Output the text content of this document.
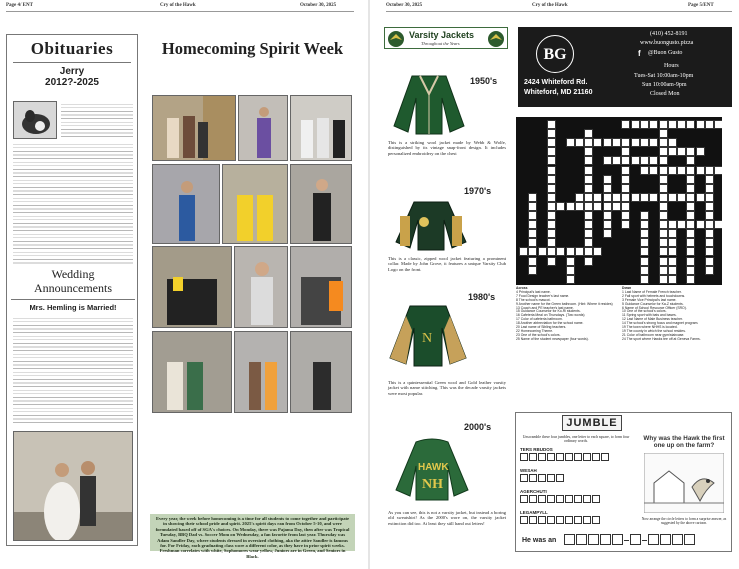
Page 4/ ENT	Cry of the Hawk	October 30, 2025
Obituaries
Jerry
2012?-2025
Wedding Announcements
Mrs. Hemling is Married!
Homecoming Spirit Week
Every year, the week before homecoming is a time for all students to come together and participate in showing their school pride and spirit. 2025's spirit days ran from October 5-10, and were formulated based off of SGA's choices. On Monday, there was Pajama Day, then after was Tropical Tuesday, BBQ Dad vs. Soccer Mom on Wednesday, a fan favorite from last year. Thursday was Adam Sandler Day, where students dressed in oversized clothing, aka the attire Sandler is famous for. For Friday, each graduating class wore a different color, as they have in prior spirit weeks. Freshman correlates with white, Sophomores wear yellow, Juniors are in Green, and Seniors in Black.
October 30, 2025	Cry of the Hawk	Page 5/ENT
Varsity Jackets
Throughout the Years
1950's
This is a striking wool jacket made by Webb & Wolfe, distinguished by its vintage snap-front design. It includes personalized embroidery on the chest
1970's
This is a classic, zipped wool jacket featuring a prominent collar. Made by John Grove, it features a unique Varsity Club Logo on the front.
1980's
N
This is a quintessential Green wool and Gold leather varsity jacket with name stitching. This was the decade varsity jackets were most popular.
2000's
HAWK
NH
As you can see, this is not a varsity jacket, but instead a boring old sweatshirt! As the 2000's wore on, the varsity jacket extinction did too. At least they still hand out letters!
BG
2424 Whiteford Rd.
Whiteford, MD 21160
(410) 452-8191
www.buongusto.pizza
f @Buon Gusto
Hours
Tues-Sat 10:00am-10pm
Sun 10:00am-9pm
Closed Mon
Across
4 Principal's last name.
7 Food Design teacher's last name.
8 The school's mascot.
9 Another name for the Green bathroom. (Hint: Where it resides)
13 Coach and PE teacher's last name.
15 Guidance Counselor for Ko-Ri students.
16 Cafeteria Meal on Thursdays. (Two words)
17 Color of cafeteria bathroom.
18 Another abbreviation for the school name.
20 Last name of Sibling teachers.
22 Homecoming Theme.
23 One of the school's colors.
25 Name of the student newspaper (four words).
Down
1 Last Name of Female French teacher.
2 Fall sport with helmets and touchdowns.
3 Female Vice Principal's last name.
5 Guidance Counselor for Ka-Z students.
6 Name of School Resource Officer (SRO).
10 One of the school's colors.
11 Spring sport with bats and bases.
12 Last Name of Male Business teacher.
14 The school's strong focus and magnet program.
19 The town where NHHS is located.
19 The county in which the school resides.
21 Color of bathroom near gym/staircase.
24 The sport where Hawks tee off at Geneva Farms.
JUMBLE
Unscramble these four jumbles, one letter to each square, to form four ordinary words.
TERS RBUDOS
WESAH
AGERCHUTI
LEGAMPYLL
Why was the Hawk the first one up on the farm?
Now arrange the circle letters to form a surprise answer, as suggested by the above cartoon.
He was an
